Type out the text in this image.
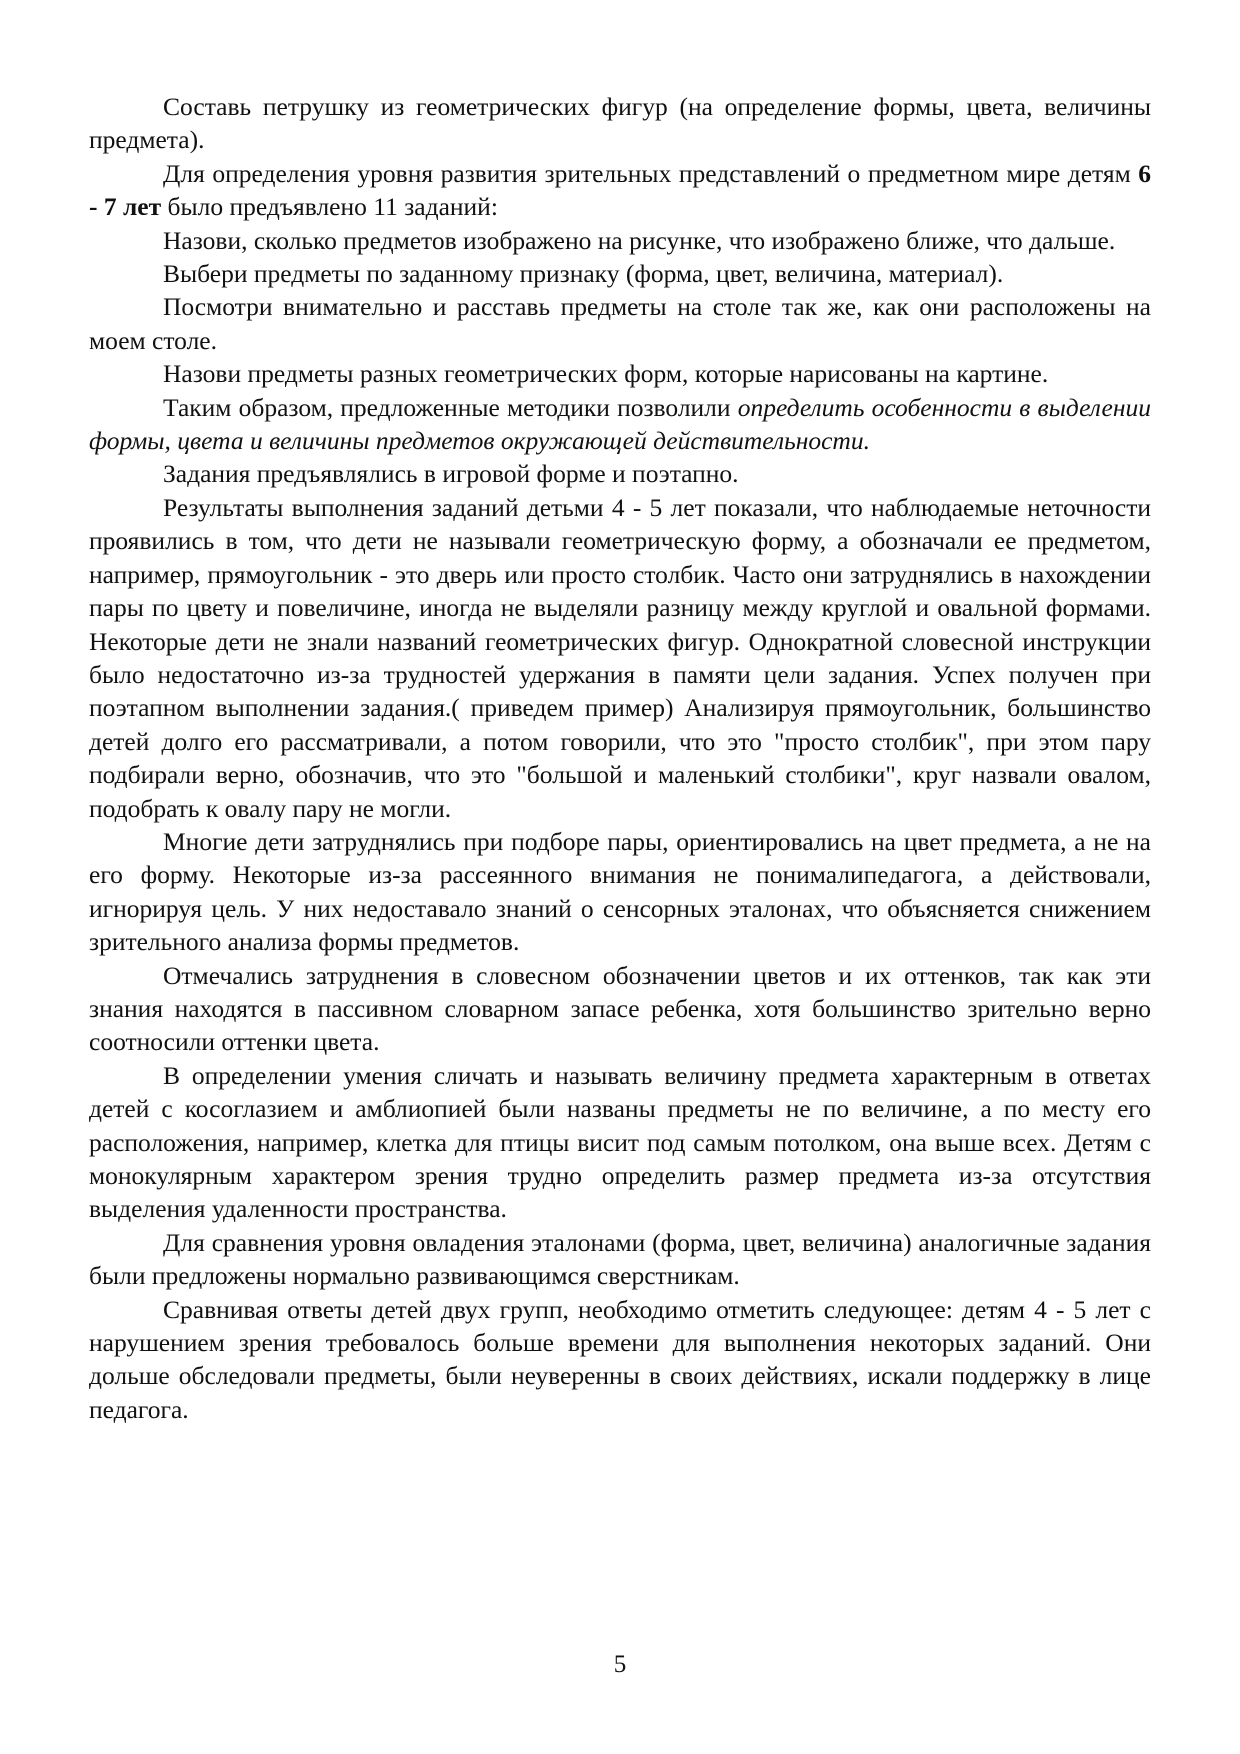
Составь петрушку из геометрических фигур (на определение формы, цвета, величины предмета).

Для определения уровня развития зрительных представлений о предметном мире детям 6 - 7 лет было предъявлено 11 заданий:

Назови, сколько предметов изображено на рисунке, что изображено ближе, что дальше.

Выбери предметы по заданному признаку (форма, цвет, величина, материал).

Посмотри внимательно и расставь предметы на столе так же, как они расположены на моем столе.

Назови предметы разных геометрических форм, которые нарисованы на картине.

Таким образом, предложенные методики позволили определить особенности в выделении формы, цвета и величины предметов окружающей действительности.

Задания предъявлялись в игровой форме и поэтапно.

Результаты выполнения заданий детьми 4 - 5 лет показали, что наблюдаемые неточности проявились в том, что дети не называли геометрическую форму, а обозначали ее предметом, например, прямоугольник - это дверь или просто столбик. Часто они затруднялись в нахождении пары по цвету и повеличине, иногда не выделяли разницу между круглой и овальной формами. Некоторые дети не знали названий геометрических фигур. Однократной словесной инструкции было недостаточно из-за трудностей удержания в памяти цели задания. Успех получен при поэтапном выполнении задания.( приведем пример) Анализируя прямоугольник, большинство детей долго его рассматривали, а потом говорили, что это "просто столбик", при этом пару подбирали верно, обозначив, что это "большой и маленький столбики", круг назвали овалом, подобрать к овалу пару не могли.

Многие дети затруднялись при подборе пары, ориентировались на цвет предмета, а не на его форму. Некоторые из-за рассеянного внимания не понималипедагога, а действовали, игнорируя цель. У них недоставало знаний о сенсорных эталонах, что объясняется снижением зрительного анализа формы предметов.

Отмечались затруднения в словесном обозначении цветов и их оттенков, так как эти знания находятся в пассивном словарном запасе ребенка, хотя большинство зрительно верно соотносили оттенки цвета.

В определении умения сличать и называть величину предмета характерным в ответах детей с косоглазием и амблиопией были названы предметы не по величине, а по месту его расположения, например, клетка для птицы висит под самым потолком, она выше всех. Детям с монокулярным характером зрения трудно определить размер предмета из-за отсутствия выделения удаленности пространства.

Для сравнения уровня овладения эталонами (форма, цвет, величина) аналогичные задания были предложены нормально развивающимся сверстникам.

Сравнивая ответы детей двух групп, необходимо отметить следующее: детям 4 - 5 лет с нарушением зрения требовалось больше времени для выполнения некоторых заданий. Они дольше обследовали предметы, были неуверенны в своих действиях, искали поддержку в лице педагога.

5
